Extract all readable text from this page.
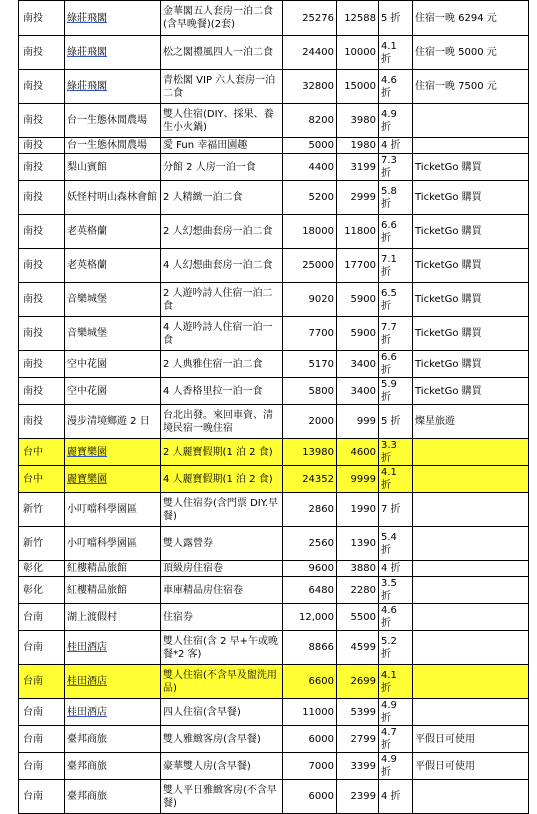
南投	綠莊飛閣	金華閣五人套房一泊二食(含早晚餐)(2套)	25276	12588	5 折	住宿一晚 6294 元
南投	綠莊飛閣	松之閣禮風四人一泊二食	24400	10000	4.1 折	住宿一晚 5000 元
南投	綠莊飛閣	青松閣 VIP 六人套房一泊二食	32800	15000	4.6 折	住宿一晚 7500 元
南投	台一生態休閒農場	雙人住宿(DIY、採果、養生小火鍋)	8200	3980	4.9 折	
南投	台一生態休閒農場	愛 Fun 幸福田園趣	5000	1980	4 折	
南投	梨山賓館	分館 2 人房一泊一食	4400	3199	7.3 折	TicketGo 購買
南投	妖怪村明山森林會館	2 人精緻一泊二食	5200	2999	5.8 折	TicketGo 購買
南投	老英格蘭	2 人幻想曲套房一泊二食	18000	11800	6.6 折	TicketGo 購買
南投	老英格蘭	4 人幻想曲套房一泊二食	25000	17700	7.1 折	TicketGo 購買
南投	音樂城堡	2 人遊吟詩人住宿一泊二食	9020	5900	6.5 折	TicketGo 購買
南投	音樂城堡	4 人遊吟詩人住宿一泊一食	7700	5900	7.7 折	TicketGo 購買
南投	空中花園	2 人典雅住宿一泊二食	5170	3400	6.6 折	TicketGo 購買
南投	空中花園	4 人香格里拉一泊一食	5800	3400	5.9 折	TicketGo 購買
南投	漫步清境鄉遊 2 日	台北出發。來回車資、清境民宿一晚住宿	2000	999	5 折	燦星旅遊
台中	麗寶樂園	2 人麗寶假期(1 泊 2 食)	13980	4600	3.3 折	
台中	麗寶樂園	4 人麗寶假期(1 泊 2 食)	24352	9999	4.1 折	
新竹	小叮噹科學園區	雙人住宿券(含門票 DIY.早餐)	2860	1990	7 折	
新竹	小叮噹科學園區	雙人露營券	2560	1390	5.4 折	
彰化	紅樓精品旅館	頂級房住宿卷	9600	3880	4 折	
彰化	紅樓精品旅館	車庫精品房住宿卷	6480	2280	3.5 折	
台南	湖上渡假村	住宿券	12,000	5500	4.6 折	
台南	桂田酒店	雙人住宿(含 2 早+午或晚餐*2 客)	8866	4599	5.2 折	
台南	桂田酒店	雙人住宿(不含早及盥洗用品)	6600	2699	4.1 折	
台南	桂田酒店	四人住宿(含早餐)	11000	5399	4.9 折	
台南	臺邦商旅	雙人雅緻客房(含早餐)	6000	2799	4.7 折	平假日可使用
台南	臺邦商旅	豪華雙人房(含早餐)	7000	3399	4.9 折	平假日可使用
台南	臺邦商旅	雙人平日雅緻客房(不含早餐)	6000	2399	4 折	
